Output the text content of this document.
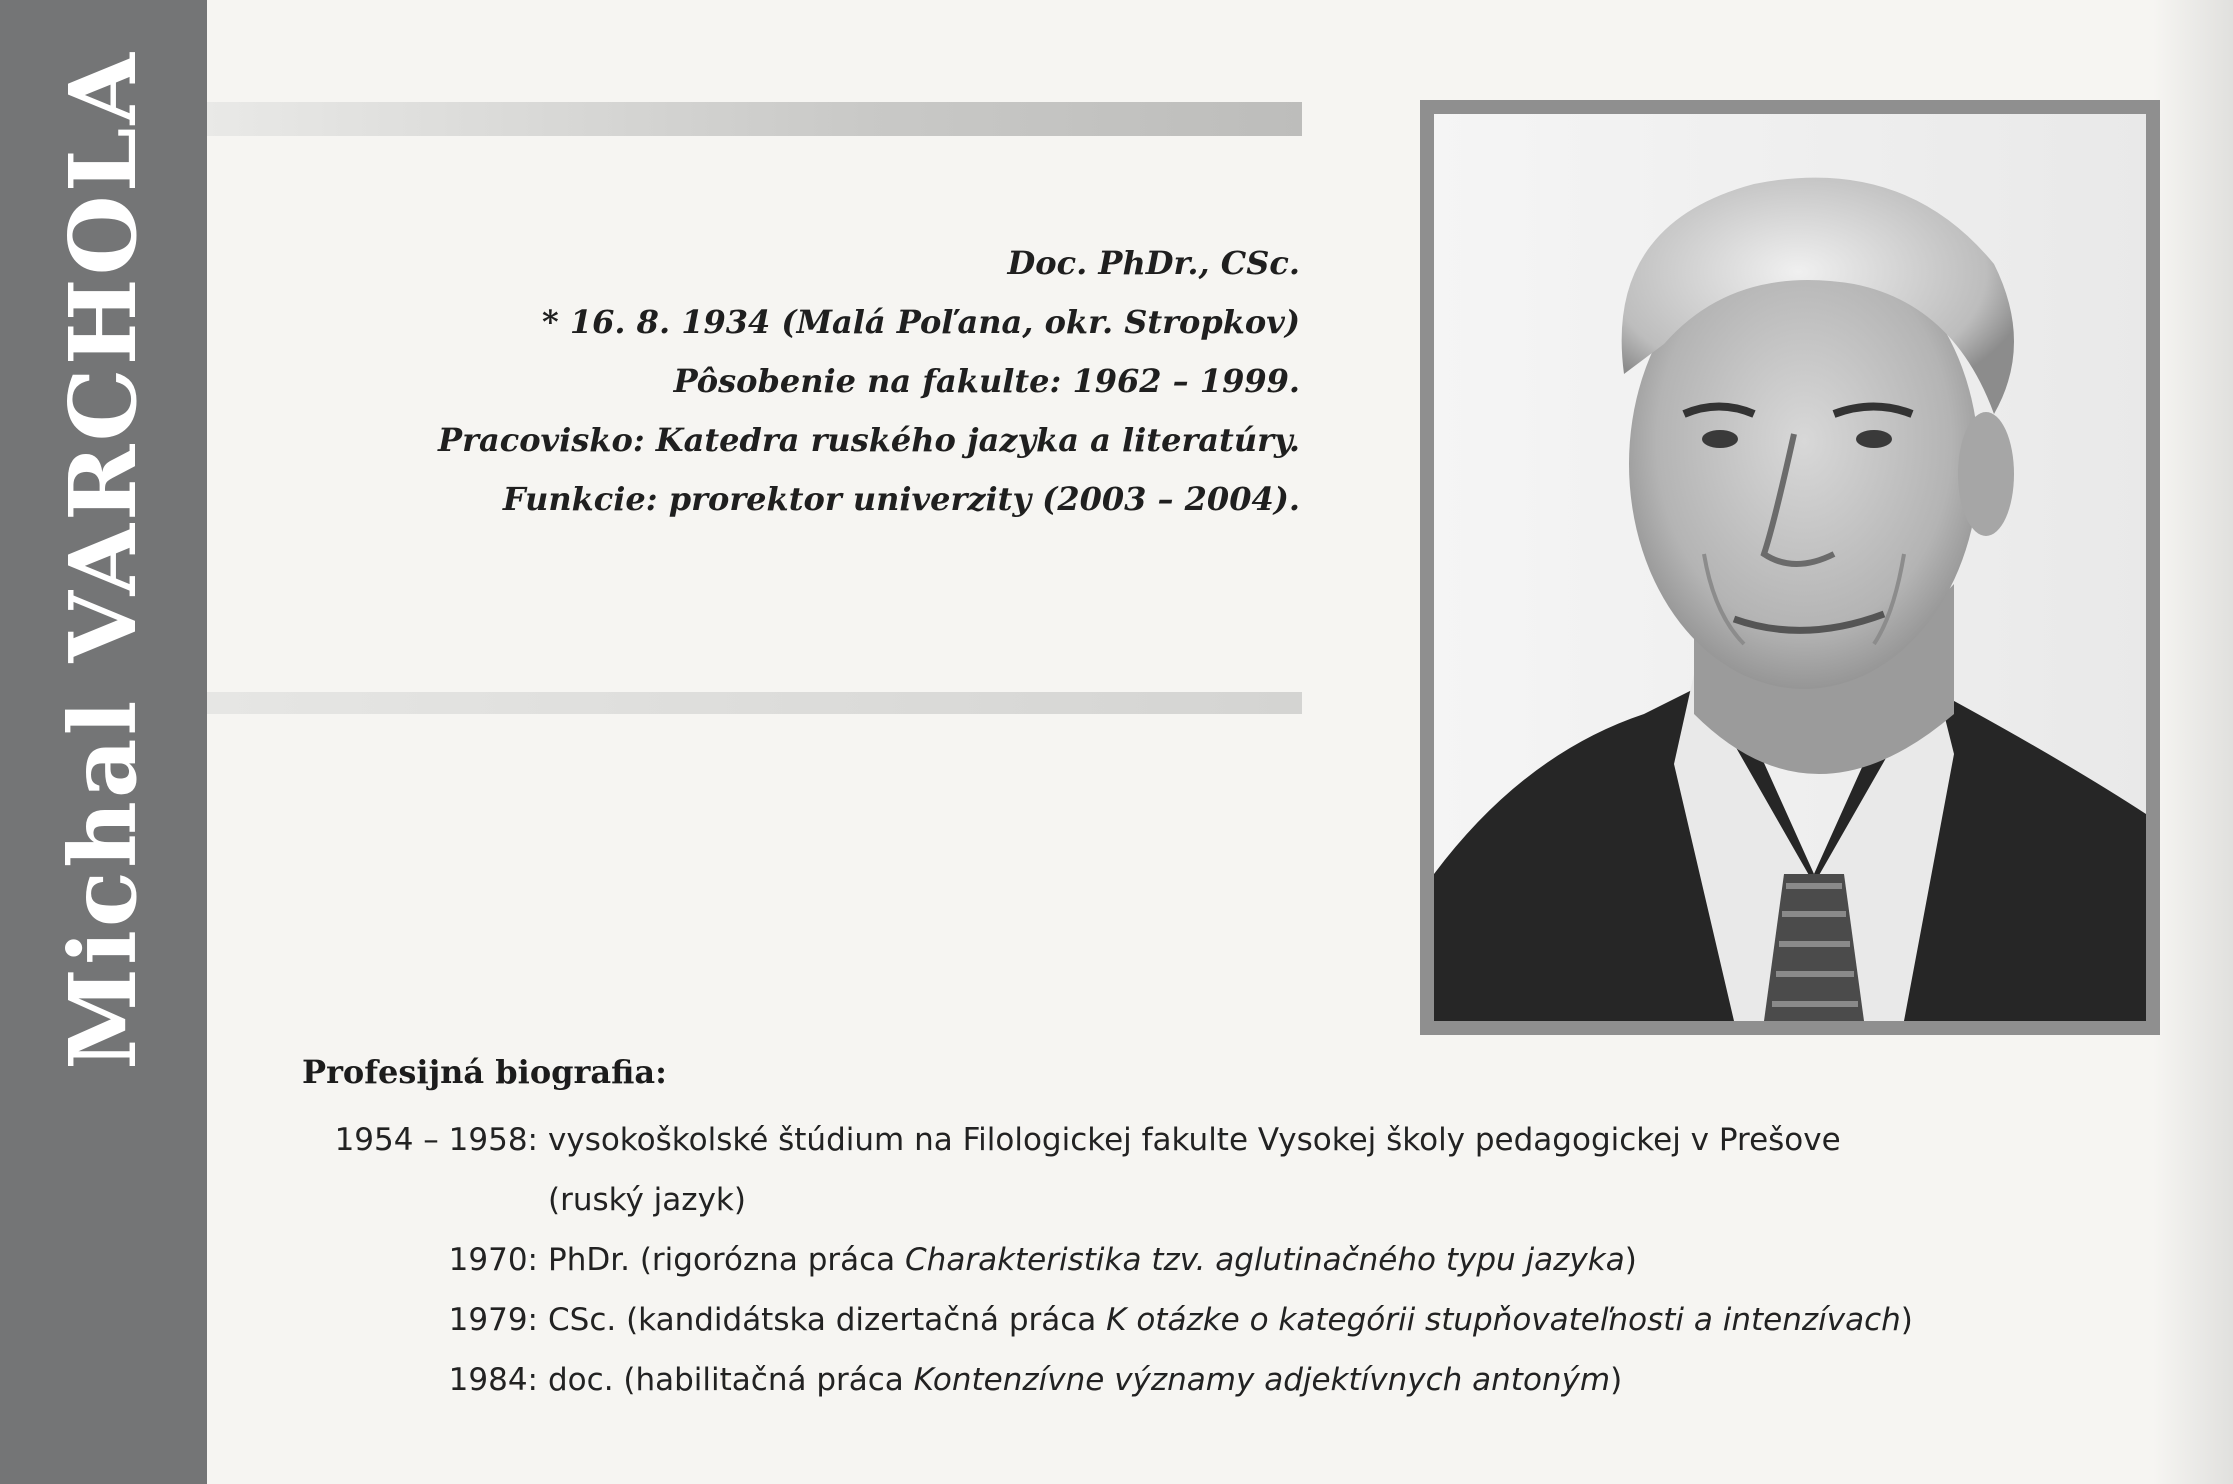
Michal VARCHOLA	Doc. PhDr., CSc.
* 16. 8. 1934 (Malá Poľana, okr. Stropkov)
Pôsobenie na fakulte: 1962 – 1999.
Pracovisko: Katedra ruského jazyka a literatúry.
Funkcie: prorektor univerzity (2003 – 2004).
Profesijná biografia:
1954 – 1958: vysokoškolské štúdium na Filologickej fakulte Vysokej školy pedagogickej v Prešove
(ruský jazyk)
1970: PhDr. (rigorózna práca Charakteristika tzv. aglutinačného typu jazyka)
1979: CSc. (kandidátska dizertačná práca K otázke o kategórii stupňovateľnosti a intenzívach)
1984: doc. (habilitačná práca Kontenzívne významy adjektívnych antoným)
